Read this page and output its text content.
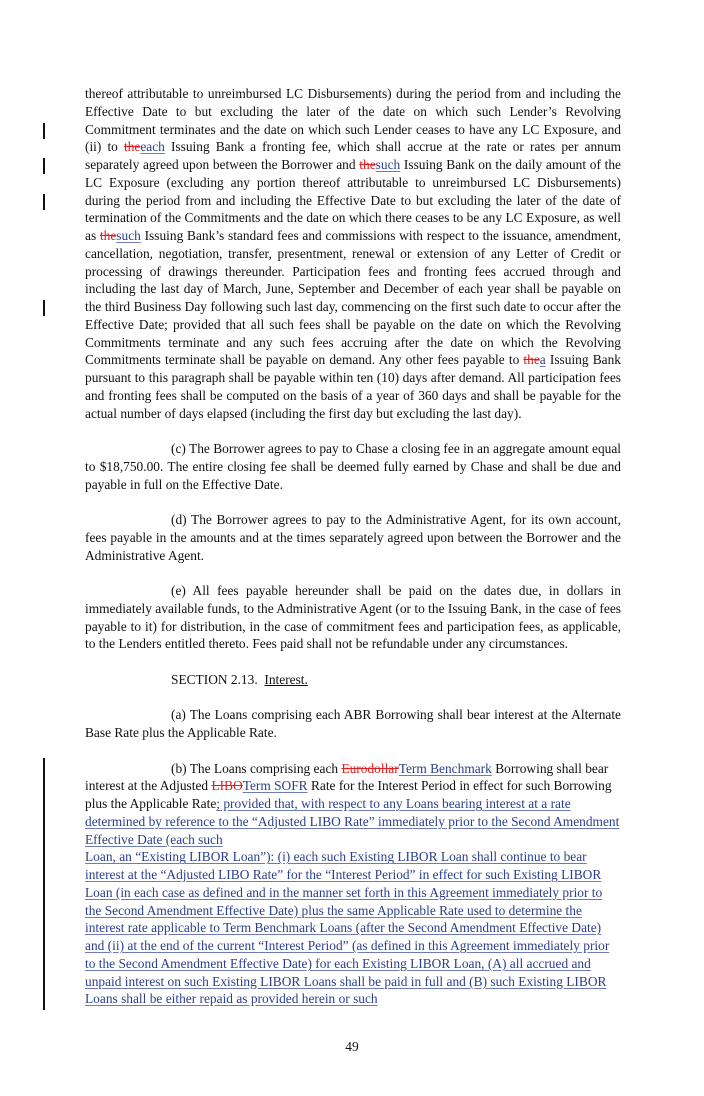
thereof attributable to unreimbursed LC Disbursements) during the period from and including the Effective Date to but excluding the later of the date on which such Lender’s Revolving Commitment terminates and the date on which such Lender ceases to have any LC Exposure, and (ii) to theeach Issuing Bank a fronting fee, which shall accrue at the rate or rates per annum separately agreed upon between the Borrower and thesuch Issuing Bank on the daily amount of the LC Exposure (excluding any portion thereof attributable to unreimbursed LC Disbursements) during the period from and including the Effective Date to but excluding the later of the date of termination of the Commitments and the date on which there ceases to be any LC Exposure, as well as thesuch Issuing Bank’s standard fees and commissions with respect to the issuance, amendment, cancellation, negotiation, transfer, presentment, renewal or extension of any Letter of Credit or processing of drawings thereunder. Participation fees and fronting fees accrued through and including the last day of March, June, September and December of each year shall be payable on the third Business Day following such last day, commencing on the first such date to occur after the Effective Date; provided that all such fees shall be payable on the date on which the Revolving Commitments terminate and any such fees accruing after the date on which the Revolving Commitments terminate shall be payable on demand. Any other fees payable to thea Issuing Bank pursuant to this paragraph shall be payable within ten (10) days after demand. All participation fees and fronting fees shall be computed on the basis of a year of 360 days and shall be payable for the actual number of days elapsed (including the first day but excluding the last day).

(c) The Borrower agrees to pay to Chase a closing fee in an aggregate amount equal to $18,750.00. The entire closing fee shall be deemed fully earned by Chase and shall be due and payable in full on the Effective Date.

(d) The Borrower agrees to pay to the Administrative Agent, for its own account, fees payable in the amounts and at the times separately agreed upon between the Borrower and the Administrative Agent.

(e) All fees payable hereunder shall be paid on the dates due, in dollars in immediately available funds, to the Administrative Agent (or to the Issuing Bank, in the case of fees payable to it) for distribution, in the case of commitment fees and participation fees, as applicable, to the Lenders entitled thereto. Fees paid shall not be refundable under any circumstances.

SECTION 2.13. Interest.

(a) The Loans comprising each ABR Borrowing shall bear interest at the Alternate Base Rate plus the Applicable Rate.

(b) The Loans comprising each EurodollarTerm Benchmark Borrowing shall bear interest at the Adjusted LIBOTerm SOFR Rate for the Interest Period in effect for such Borrowing plus the Applicable Rate; provided that, with respect to any Loans bearing interest at a rate determined by reference to the “Adjusted LIBO Rate” immediately prior to the Second Amendment Effective Date (each such
Loan, an “Existing LIBOR Loan”): (i) each such Existing LIBOR Loan shall continue to bear interest at the “Adjusted LIBO Rate” for the “Interest Period” in effect for such Existing LIBOR Loan (in each case as defined and in the manner set forth in this Agreement immediately prior to the Second Amendment Effective Date) plus the same Applicable Rate used to determine the interest rate applicable to Term Benchmark Loans (after the Second Amendment Effective Date) and (ii) at the end of the current “Interest Period” (as defined in this Agreement immediately prior to the Second Amendment Effective Date) for each Existing LIBOR Loan, (A) all accrued and unpaid interest on such Existing LIBOR Loans shall be paid in full and (B) such Existing LIBOR Loans shall be either repaid as provided herein or such

49
